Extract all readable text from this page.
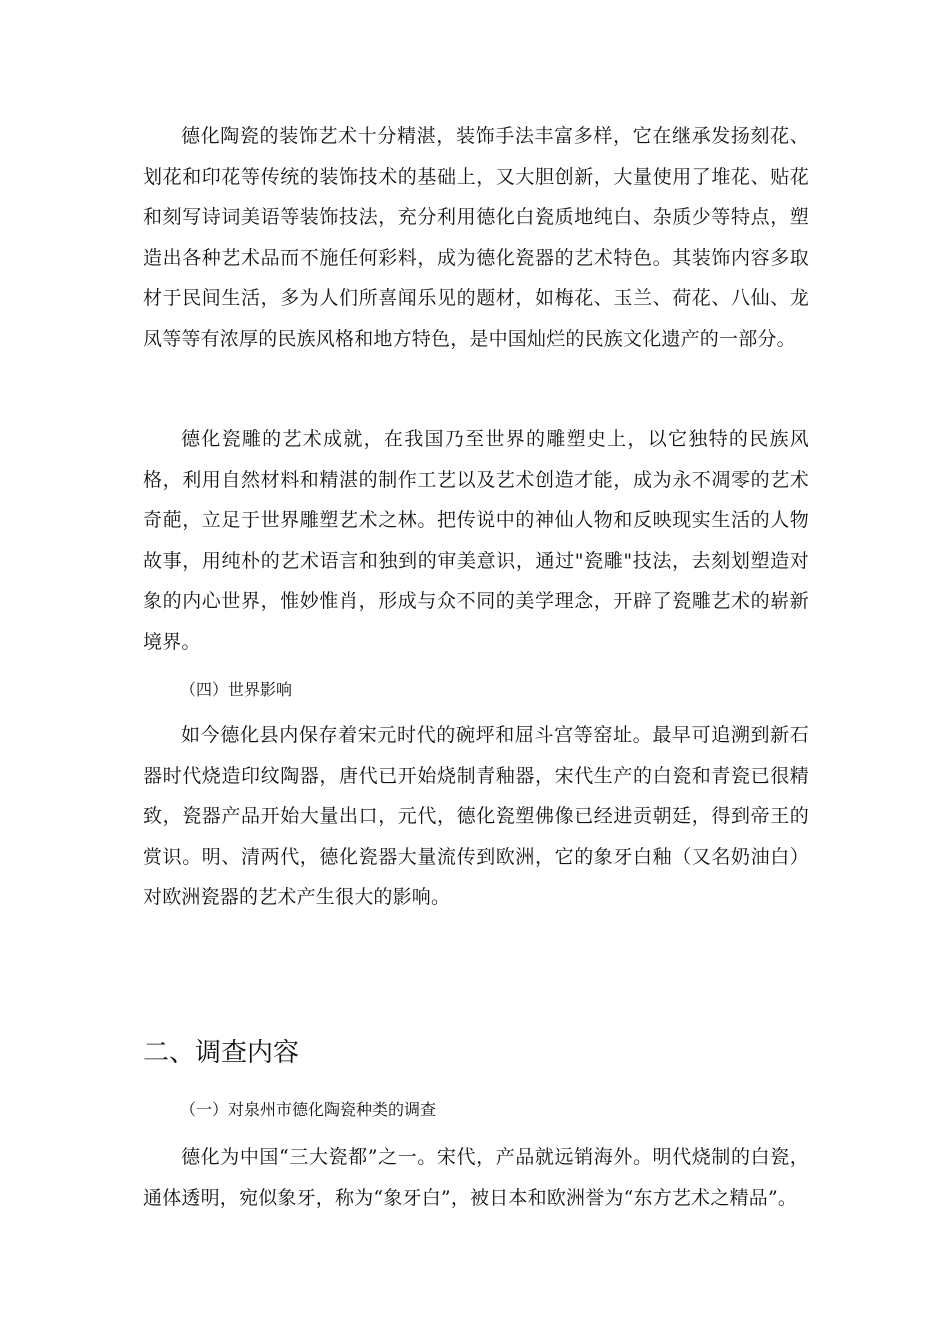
德化陶瓷的装饰艺术十分精湛，装饰手法丰富多样，它在继承发扬刻花、划花和印花等传统的装饰技术的基础上，又大胆创新，大量使用了堆花、贴花和刻写诗词美语等装饰技法，充分利用德化白瓷质地纯白、杂质少等特点，塑造出各种艺术品而不施任何彩料，成为德化瓷器的艺术特色。其装饰内容多取材于民间生活，多为人们所喜闻乐见的题材，如梅花、玉兰、荷花、八仙、龙凤等等有浓厚的民族风格和地方特色，是中国灿烂的民族文化遗产的一部分。

德化瓷雕的艺术成就，在我国乃至世界的雕塑史上，以它独特的民族风格，利用自然材料和精湛的制作工艺以及艺术创造才能，成为永不凋零的艺术奇葩，立足于世界雕塑艺术之林。把传说中的神仙人物和反映现实生活的人物故事，用纯朴的艺术语言和独到的审美意识，通过"瓷雕"技法，去刻划塑造对象的内心世界，惟妙惟肖，形成与众不同的美学理念，开辟了瓷雕艺术的崭新境界。

（四）世界影响

如今德化县内保存着宋元时代的碗坪和屈斗宫等窑址。最早可追溯到新石器时代烧造印纹陶器，唐代已开始烧制青釉器，宋代生产的白瓷和青瓷已很精致，瓷器产品开始大量出口，元代，德化瓷塑佛像已经进贡朝廷，得到帝王的赏识。明、清两代，德化瓷器大量流传到欧洲，它的象牙白釉（又名奶油白）对欧洲瓷器的艺术产生很大的影响。

二、调查内容

（一）对泉州市德化陶瓷种类的调查

德化为中国“三大瓷都”之一。宋代，产品就远销海外。明代烧制的白瓷，通体透明，宛似象牙，称为“象牙白”，被日本和欧洲誉为“东方艺术之精品”。
